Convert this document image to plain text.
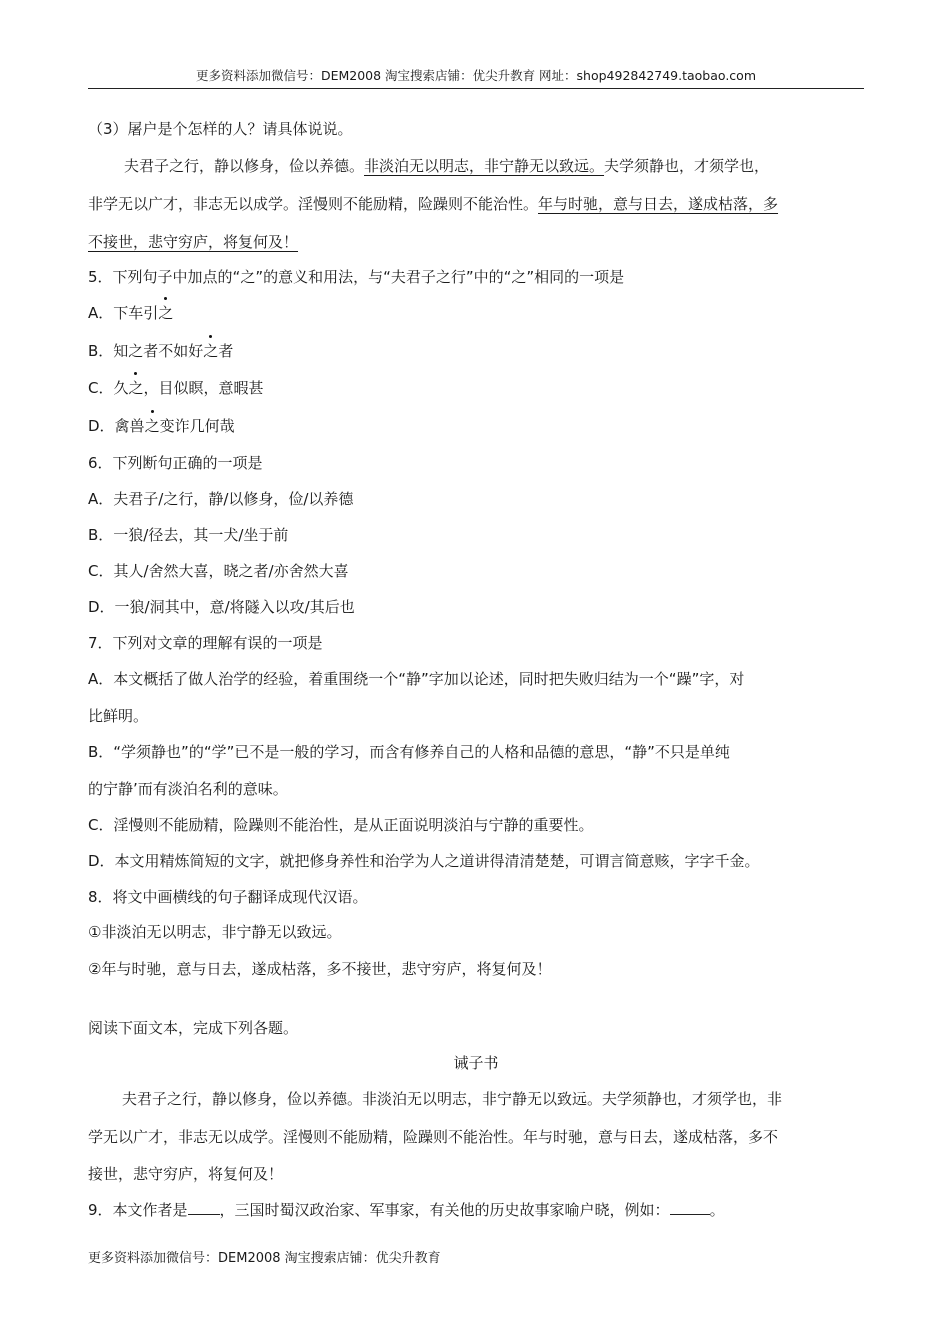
更多资料添加微信号：DEM2008 淘宝搜索店铺：优尖升教育 网址：shop492842749.taobao.com
（3）屠户是个怎样的人？请具体说说。
夫君子之行，静以修身，俭以养德。非淡泊无以明志，非宁静无以致远。夫学须静也，才须学也，
非学无以广才，非志无以成学。淫慢则不能励精，险躁则不能治性。年与时驰，意与日去，遂成枯落，多
不接世，悲守穷庐，将复何及！
5．下列句子中加点的“之”的意义和用法，与“夫君子之行”中的“之”相同的一项是
A．下车引之
B．知之者不如好之者
C．久之，目似瞑，意暇甚
D．禽兽之变诈几何哉
6．下列断句正确的一项是
A．夫君子/之行，静/以修身，俭/以养德
B．一狼/径去，其一犬/坐于前
C．其人/舍然大喜，晓之者/亦舍然大喜
D．一狼/洞其中，意/将隧入以攻/其后也
7．下列对文章的理解有误的一项是
A．本文概括了做人治学的经验，着重围绕一个“静”字加以论述，同时把失败归结为一个“躁”字，对
比鲜明。
B．“学须静也”的“学”已不是一般的学习，而含有修养自己的人格和品德的意思，“静”不只是单纯
的宁静’而有淡泊名利的意味。
C．淫慢则不能励精，险躁则不能治性，是从正面说明淡泊与宁静的重要性。
D．本文用精炼简短的文字，就把修身养性和治学为人之道讲得清清楚楚，可谓言简意赅，字字千金。
8．将文中画横线的句子翻译成现代汉语。
①非淡泊无以明志，非宁静无以致远。
②年与时驰，意与日去，遂成枯落，多不接世，悲守穷庐，将复何及！
阅读下面文本，完成下列各题。
诫子书
夫君子之行，静以修身，俭以养德。非淡泊无以明志，非宁静无以致远。夫学须静也，才须学也，非
学无以广才，非志无以成学。淫慢则不能励精，险躁则不能治性。年与时驰，意与日去，遂成枯落，多不
接世，悲守穷庐，将复何及！
9．本文作者是 ，三国时蜀汉政治家、军事家，有关他的历史故事家喻户晓，例如：	。
更多资料添加微信号：DEM2008 淘宝搜索店铺：优尖升教育
